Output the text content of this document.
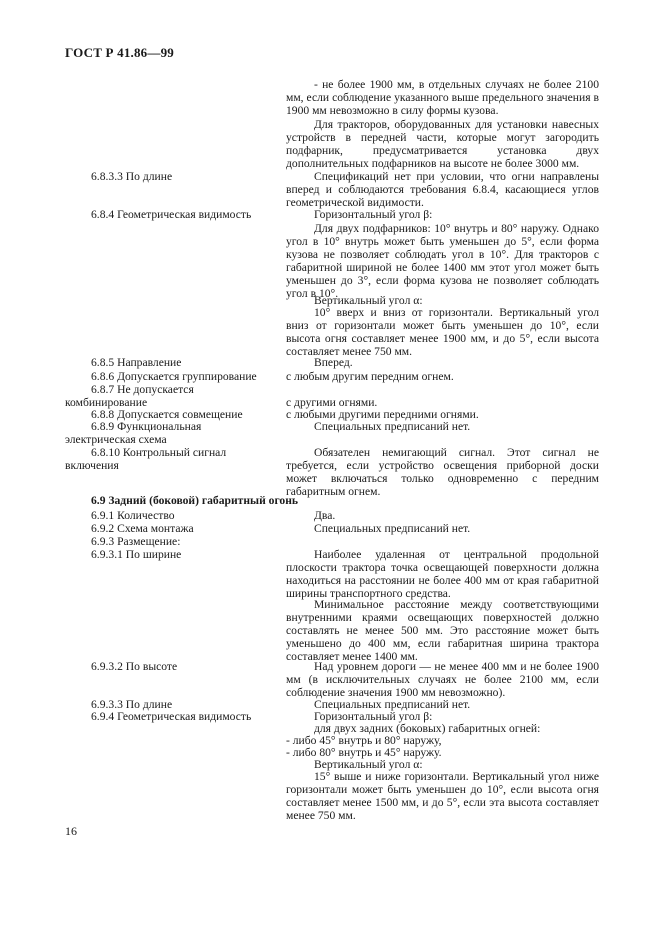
ГОСТ Р 41.86—99
- не более 1900 мм, в отдельных случаях не более 2100 мм, если соблюдение указанного выше предельного значения в 1900 мм невозможно в силу формы кузова.
Для тракторов, оборудованных для установки навесных устройств в передней части, которые могут загородить подфарник, предусматривается установка двух дополнительных подфарников на высоте не более 3000 мм.
Спецификаций нет при условии, что огни направлены вперед и соблюдаются требования 6.8.4, касающиеся углов геометрической видимости.
Горизонтальный угол β:
Для двух подфарников: 10° внутрь и 80° наружу. Однако угол в 10° внутрь может быть уменьшен до 5°, если форма кузова не позволяет соблюдать угол в 10°. Для тракторов с габаритной шириной не более 1400 мм этот угол может быть уменьшен до 3°, если форма кузова не позволяет соблюдать угол в 10°.
Вертикальный угол α:
10° вверх и вниз от горизонтали. Вертикальный угол вниз от горизонтали может быть уменьшен до 10°, если высота огня составляет менее 1900 мм, и до 5°, если высота составляет менее 750 мм.
Вперед.
с любым другим передним огнем.
с другими огнями.
с любыми другими передними огнями.
Специальных предписаний нет.
Обязателен немигающий сигнал. Этот сигнал не требуется, если устройство освещения приборной доски может включаться только одновременно с передним габаритным огнем.
Два.
Специальных предписаний нет.
Наиболее удаленная от центральной продольной плоскости трактора точка освещающей поверхности должна находиться на расстоянии не более 400 мм от края габаритной ширины транспортного средства.
Минимальное расстояние между соответствующими внутренними краями освещающих поверхностей должно составлять не менее 500 мм. Это расстояние может быть уменьшено до 400 мм, если габаритная ширина трактора составляет менее 1400 мм.
Над уровнем дороги — не менее 400 мм и не более 1900 мм (в исключительных случаях не более 2100 мм, если соблюдение значения 1900 мм невозможно).
Специальных предписаний нет.
Горизонтальный угол β:
для двух задних (боковых) габаритных огней:
- либо 45° внутрь и 80° наружу,
- либо 80° внутрь и 45° наружу.
Вертикальный угол α:
15° выше и ниже горизонтали. Вертикальный угол ниже горизонтали может быть уменьшен до 10°, если высота огня составляет менее 1500 мм, и до 5°, если эта высота составляет менее 750 мм.
6.8.3.3 По длине
6.8.4 Геометрическая видимость
6.8.5 Направление
6.8.6 Допускается группирование
6.8.7 Не допускается
комбинирование
6.8.8 Допускается совмещение
6.8.9 Функциональная
электрическая схема
6.8.10 Контрольный сигнал
включения
6.9 Задний (боковой) габаритный огонь
6.9.1 Количество
6.9.2 Схема монтажа
6.9.3 Размещение:
6.9.3.1 По ширине
6.9.3.2 По высоте
6.9.3.3 По длине
6.9.4 Геометрическая видимость
16
